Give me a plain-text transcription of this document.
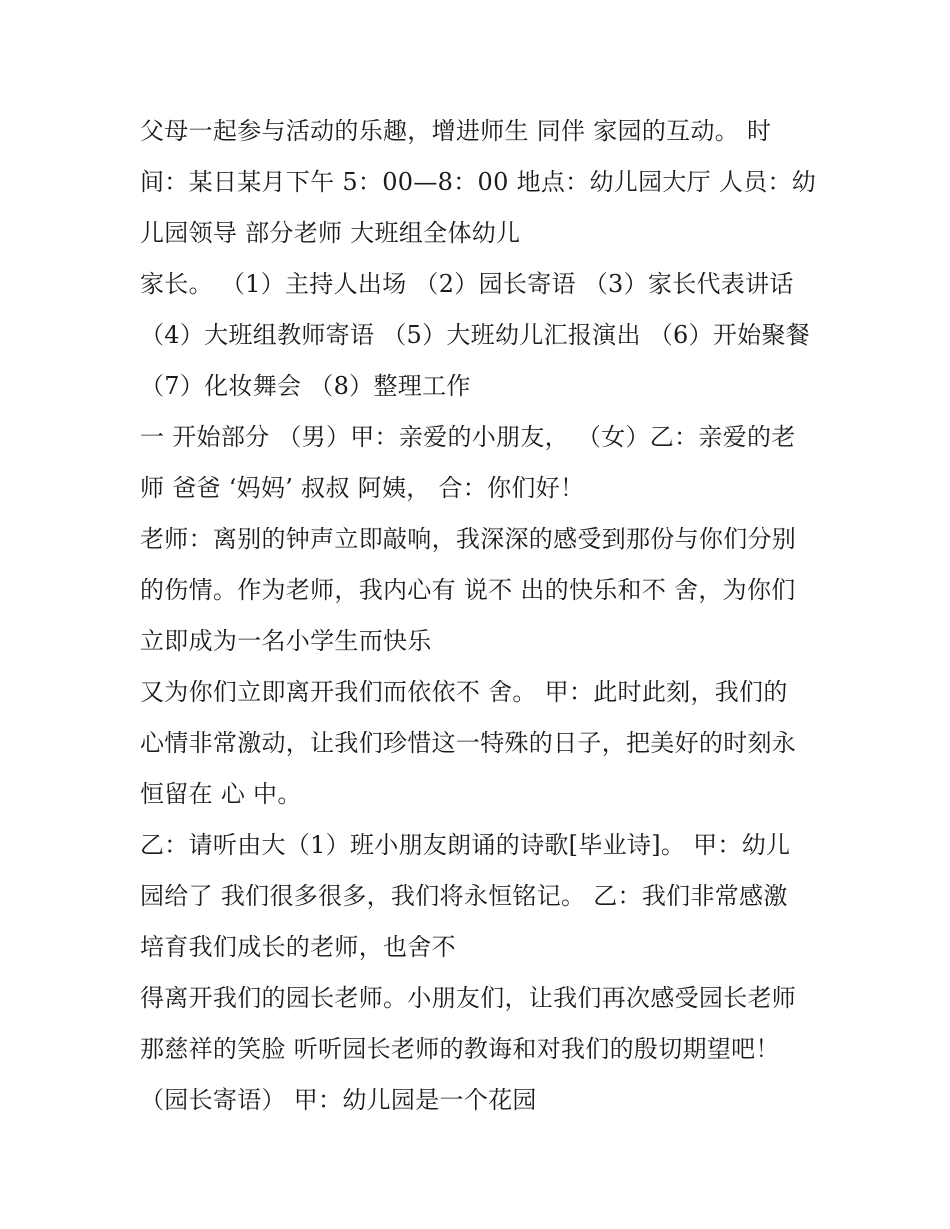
父母一起参与活动的乐趣，增进师生 同伴 家园的互动。 时
间：某日某月下午 5：00—8：00 地点：幼儿园大厅 人员：幼
儿园领导 部分老师 大班组全体幼儿
家长。 （1）主持人出场 （2）园长寄语 （3）家长代表讲话
（4）大班组教师寄语 （5）大班幼儿汇报演出 （6）开始聚餐
（7）化妆舞会 （8）整理工作
一 开始部分 （男）甲：亲爱的小朋友， （女）乙：亲爱的老
师 爸爸 ‘妈妈’ 叔叔 阿姨， 合：你们好！
老师：离别的钟声立即敲响，我深深的感受到那份与你们分别
的伤情。作为老师，我内心有 说不 出的快乐和不 舍，为你们
立即成为一名小学生而快乐
又为你们立即离开我们而依依不 舍。 甲：此时此刻，我们的
心情非常激动，让我们珍惜这一特殊的日子，把美好的时刻永
恒留在 心 中。
乙：请听由大（1）班小朋友朗诵的诗歌[毕业诗]。 甲：幼儿
园给了 我们很多很多，我们将永恒铭记。 乙：我们非常感激
培育我们成长的老师，也舍不
得离开我们的园长老师。小朋友们，让我们再次感受园长老师
那慈祥的笑脸 听听园长老师的教诲和对我们的殷切期望吧！
（园长寄语） 甲：幼儿园是一个花园
